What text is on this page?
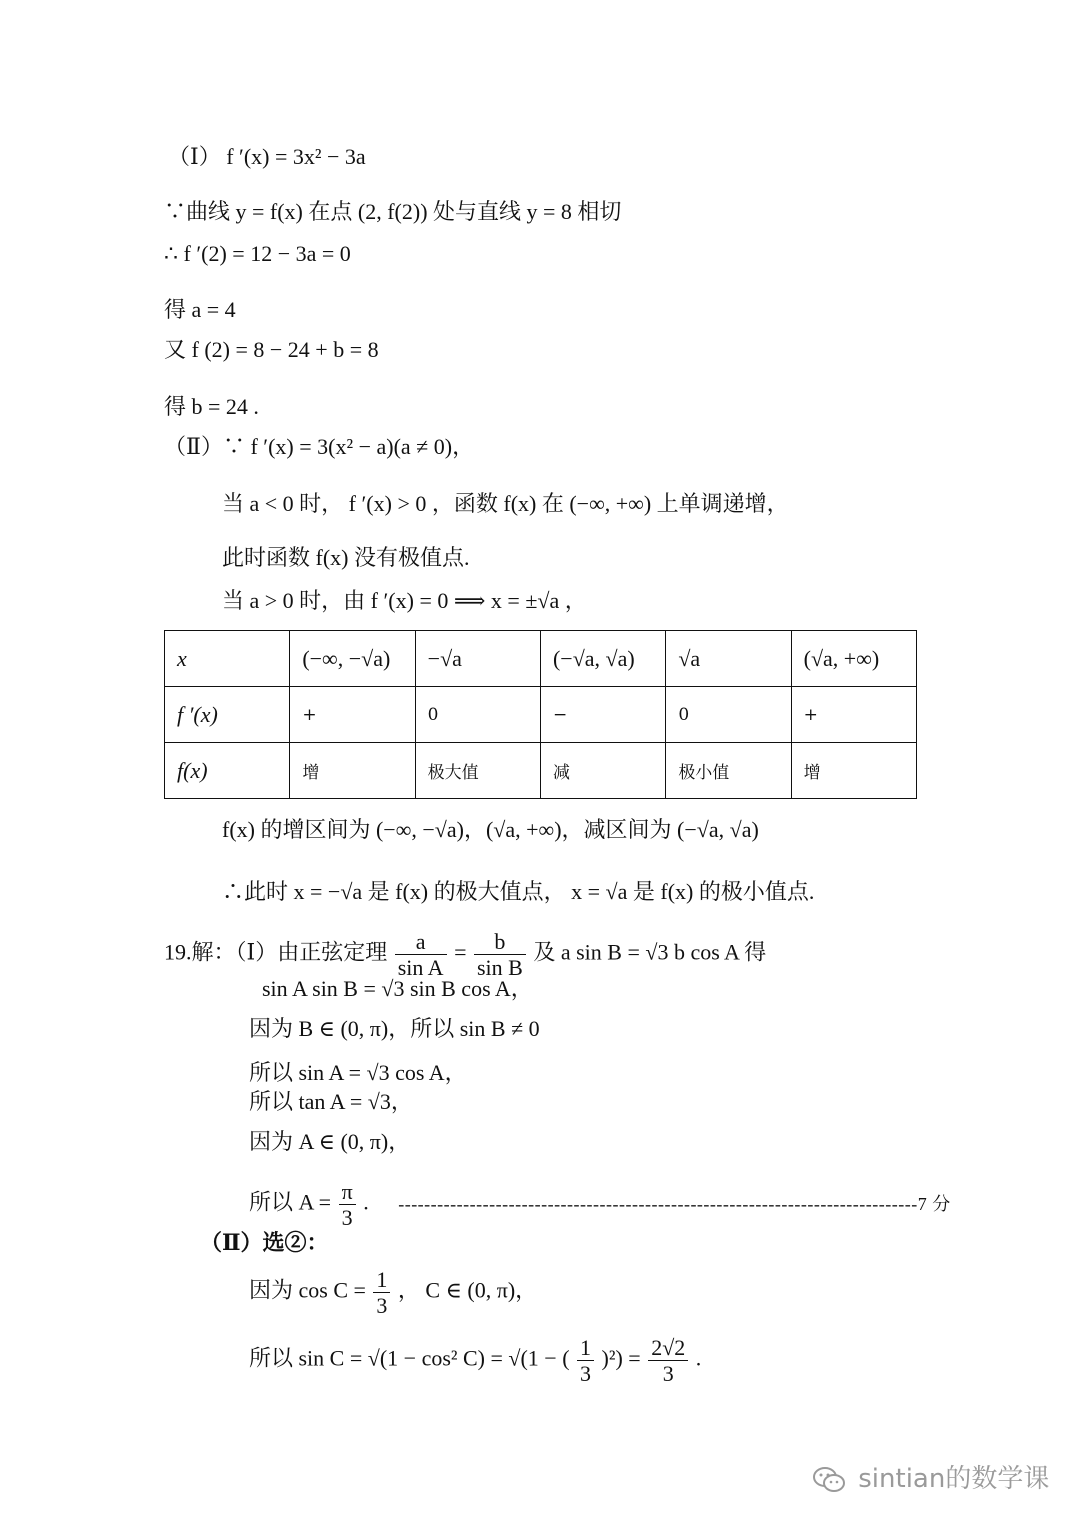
（Ⅰ） f ′(x) = 3x² − 3a
∵曲线 y = f(x) 在点 (2, f(2)) 处与直线 y = 8 相切
∴ f ′(2) = 12 − 3a = 0
得 a = 4
又 f (2) = 8 − 24 + b = 8
得 b = 24 .
（Ⅱ）∵ f ′(x) = 3(x² − a)(a ≠ 0)，
当 a < 0 时， f ′(x) > 0 ，函数 f(x) 在 (−∞, +∞) 上单调递增，
此时函数 f(x) 没有极值点.
当 a > 0 时，由 f ′(x) = 0 ⟹ x = ±√a ，
x	(−∞, −√a)	−√a	(−√a, √a)	√a	(√a, +∞)
f ′(x)	+	0	−	0	+
f(x)	增	极大值	减	极小值	增
f(x) 的增区间为 (−∞, −√a)，(√a, +∞)，减区间为 (−√a, √a)
∴此时 x = −√a 是 f(x) 的极大值点， x = √a 是 f(x) 的极小值点.
19.解：（Ⅰ）由正弦定理 $\frac{a}{\text{sin A}} = \frac{b}{\text{sin B}}$ 及 a sin B = √3 b cos A 得
sin A sin B = √3 sin B cos A，
因为 B ∈ (0, π)，所以 sin B ≠ 0
所以 sin A = √3 cos A，
所以 tan A = √3，
因为 A ∈ (0, π)，
所以 $A = \frac{\pi}{3}$ . --------------------------------------------------------------------------------7 分
（Ⅱ）选②：
因为 $\cos C = \frac{1}{3}$ ， C ∈ (0, π)，
所以 sin C = √(1 − cos² C) = √(1 − ( $\frac{1}{3} )^2) = \frac{2√2}{3}$ .
sintian的数学课
